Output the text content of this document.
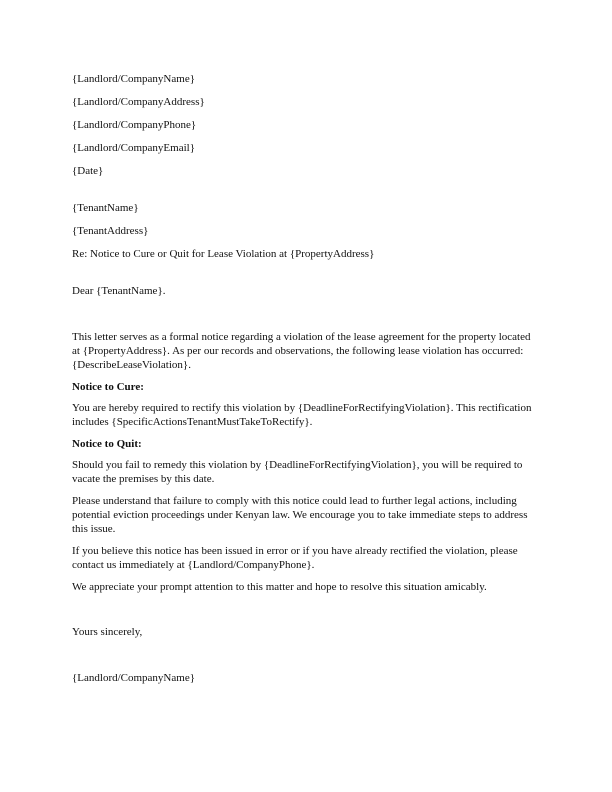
{Landlord/CompanyName}
{Landlord/CompanyAddress}
{Landlord/CompanyPhone}
{Landlord/CompanyEmail}
{Date}
{TenantName}
{TenantAddress}
Re: Notice to Cure or Quit for Lease Violation at {PropertyAddress}
Dear {TenantName}.

This letter serves as a formal notice regarding a violation of the lease agreement for the property located at {PropertyAddress}. As per our records and observations, the following lease violation has occurred: {DescribeLeaseViolation}.

Notice to Cure:

You are hereby required to rectify this violation by {DeadlineForRectifyingViolation}. This rectification includes {SpecificActionsTenantMustTakeToRectify}.

Notice to Quit:

Should you fail to remedy this violation by {DeadlineForRectifyingViolation}, you will be required to vacate the premises by this date.

Please understand that failure to comply with this notice could lead to further legal actions, including potential eviction proceedings under Kenyan law. We encourage you to take immediate steps to address this issue.

If you believe this notice has been issued in error or if you have already rectified the violation, please contact us immediately at {Landlord/CompanyPhone}.

We appreciate your prompt attention to this matter and hope to resolve this situation amicably.

Yours sincerely,
{Landlord/CompanyName}
